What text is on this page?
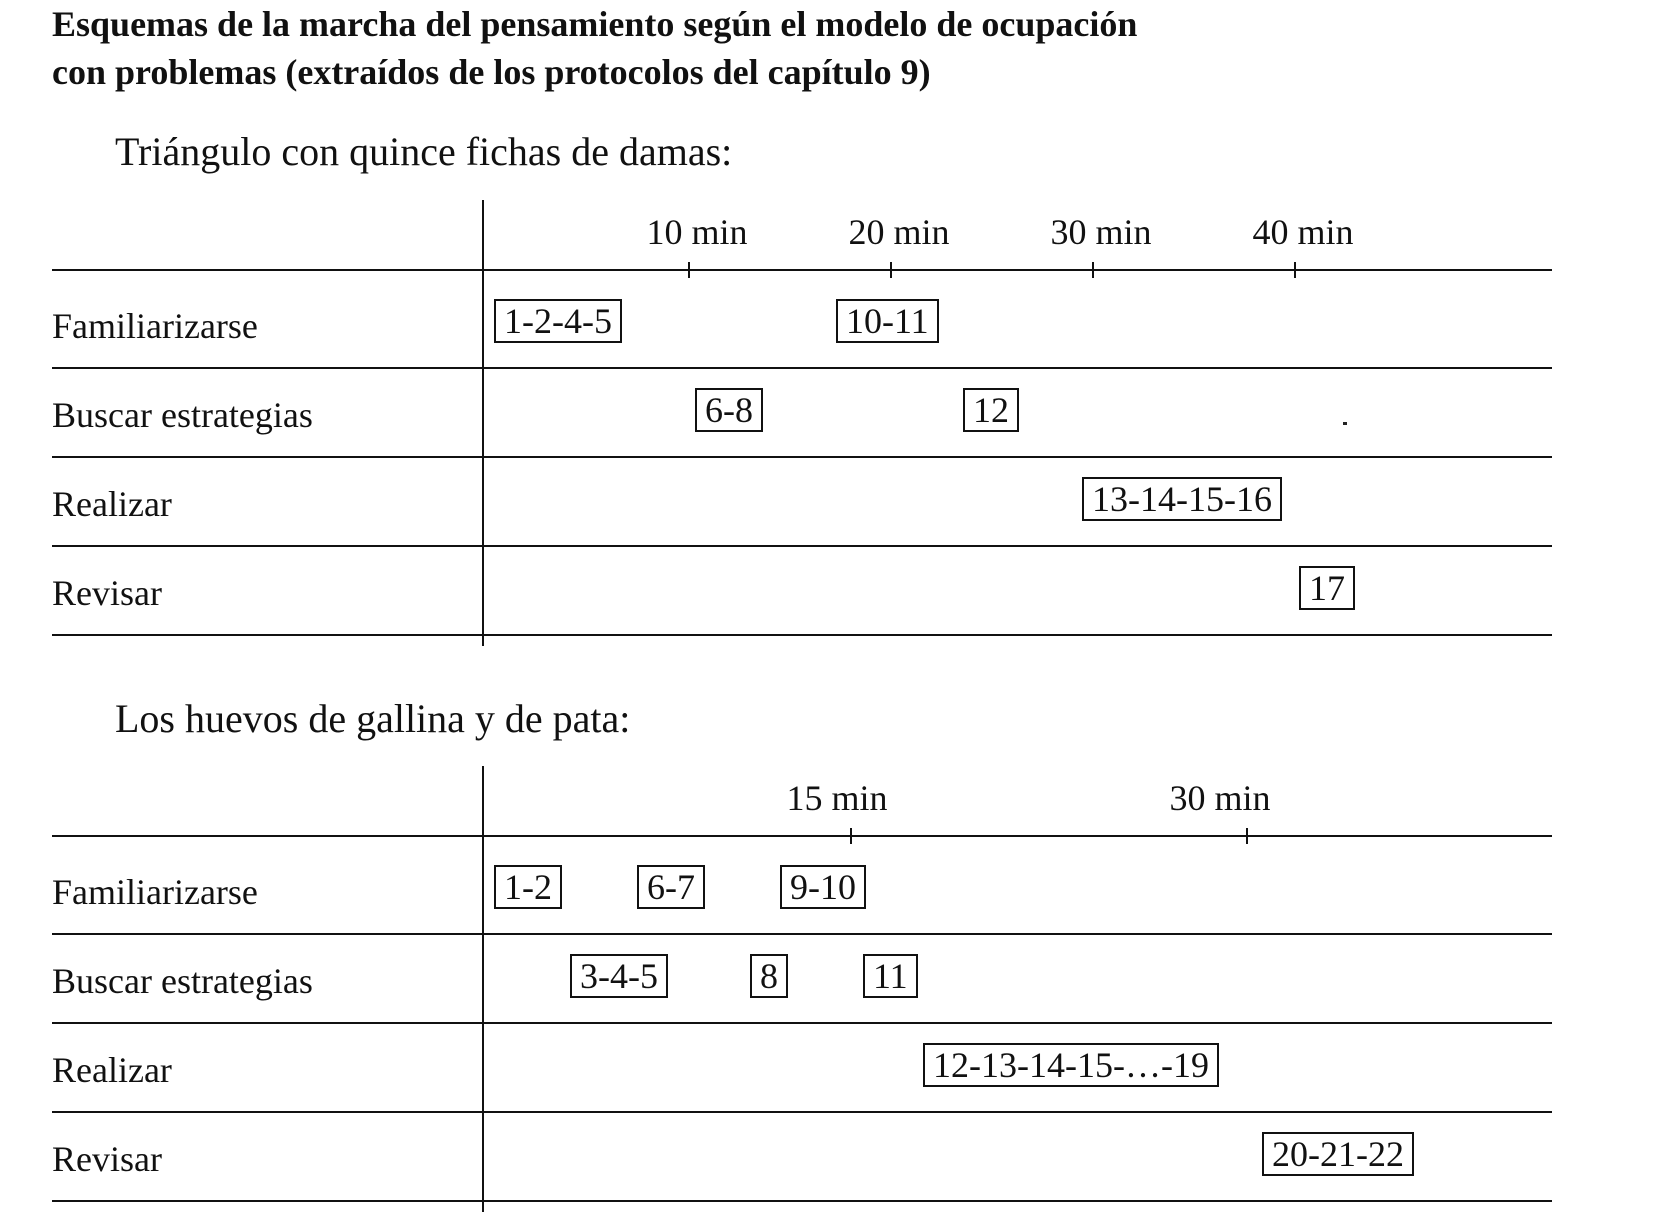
Esquemas de la marcha del pensamiento según el modelo de ocupación
con problemas (extraídos de los protocolos del capítulo 9)
Triángulo con quince fichas de damas:
10 min	20 min	30 min	40 min
Familiarizarse	1-2-4-5	10-11
Buscar estrategias	6-8	12
Realizar	13-14-15-16
Revisar	17
Los huevos de gallina y de pata:
15 min	30 min
Familiarizarse	1-2	6-7	9-10
Buscar estrategias	3-4-5	8	11
Realizar	12-13-14-15-…-19
Revisar	20-21-22
